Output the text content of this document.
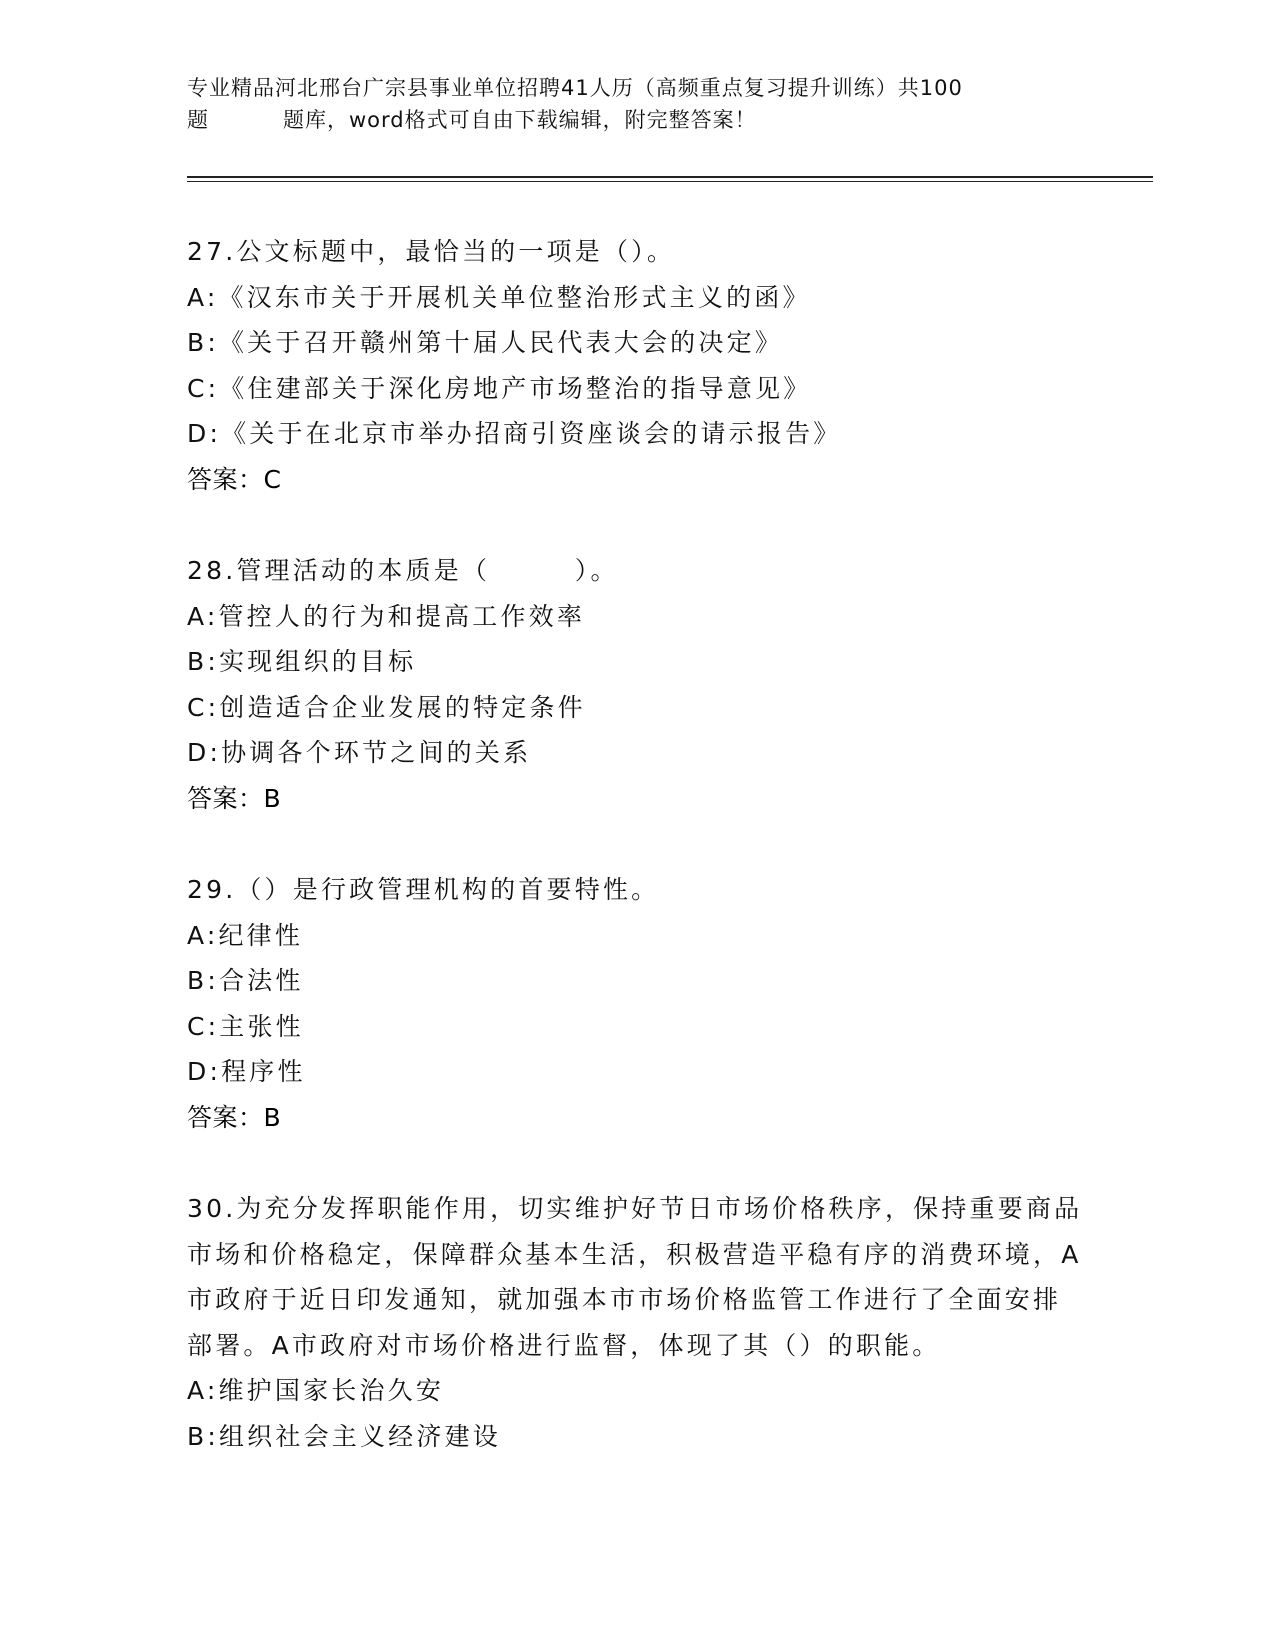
专业精品河北邢台广宗县事业单位招聘41人历（高频重点复习提升训练）共100
题	题库，word格式可自由下载编辑，附完整答案！
27.公文标题中，最恰当的一项是（）。
A:《汉东市关于开展机关单位整治形式主义的函》
B:《关于召开赣州第十届人民代表大会的决定》
C:《住建部关于深化房地产市场整治的指导意见》
D:《关于在北京市举办招商引资座谈会的请示报告》
答案：C
28.管理活动的本质是（　　　）。
A:管控人的行为和提高工作效率
B:实现组织的目标
C:创造适合企业发展的特定条件
D:协调各个环节之间的关系
答案：B
29.（）是行政管理机构的首要特性。
A:纪律性
B:合法性
C:主张性
D:程序性
答案：B
30.为充分发挥职能作用，切实维护好节日市场价格秩序，保持重要商品市场和价格稳定，保障群众基本生活，积极营造平稳有序的消费环境，A市政府于近日印发通知，就加强本市市场价格监管工作进行了全面安排部署。A市政府对市场价格进行监督，体现了其（）的职能。
A:维护国家长治久安
B:组织社会主义经济建设
